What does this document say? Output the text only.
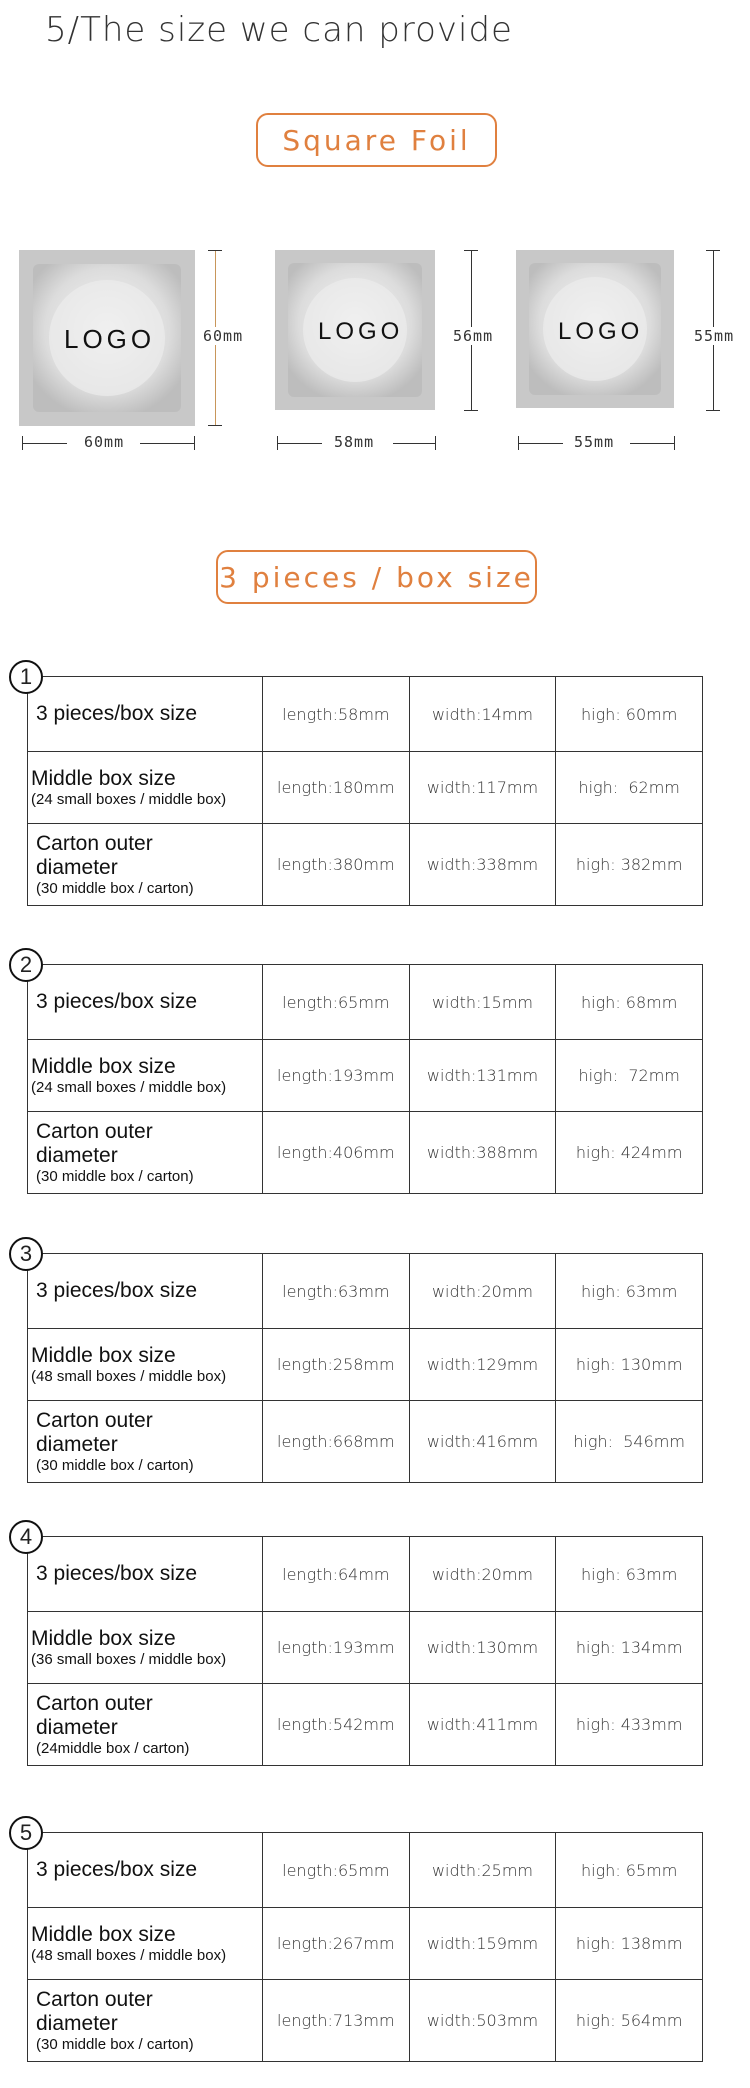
5/The size we can provide
Square Foil
LOGO	LOGO	LOGO
60mm
60mm
56mm
58mm
55mm
55mm
3 pieces / box size
1
3 pieces/box size	length:58mm	width:14mm	high: 60mm

Middle box size
(24 small boxes / middle box)	length:180mm	width:117mm	high:  62mm

Carton outer diameter
(30 middle box / carton)	length:380mm	width:338mm	high: 382mm
2
3 pieces/box size	length:65mm	width:15mm	high: 68mm

Middle box size
(24 small boxes / middle box)	length:193mm	width:131mm	high:  72mm

Carton outer diameter
(30 middle box / carton)	length:406mm	width:388mm	high: 424mm
3
3 pieces/box size	length:63mm	width:20mm	high: 63mm

Middle box size
(48 small boxes / middle box)	length:258mm	width:129mm	high: 130mm

Carton outer diameter
(30 middle box / carton)	length:668mm	width:416mm	high:  546mm
4
3 pieces/box size	length:64mm	width:20mm	high: 63mm

Middle box size
(36 small boxes / middle box)	length:193mm	width:130mm	high: 134mm

Carton outer diameter
(24middle box / carton)	length:542mm	width:411mm	high: 433mm
5
3 pieces/box size	length:65mm	width:25mm	high: 65mm

Middle box size
(48 small boxes / middle box)	length:267mm	width:159mm	high: 138mm

Carton outer diameter
(30 middle box / carton)	length:713mm	width:503mm	high: 564mm
